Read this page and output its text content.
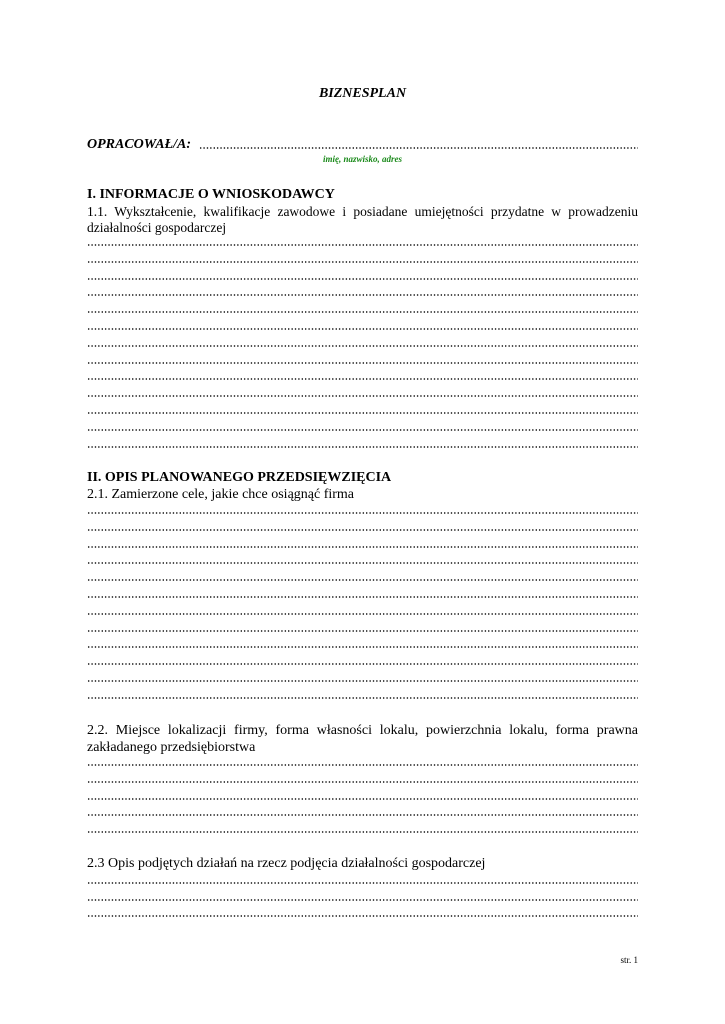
BIZNESPLAN
OPRACOWAŁ/A:
imię, nazwisko, adres
I. INFORMACJE O WNIOSKODAWCY
1.1. Wykształcenie, kwalifikacje zawodowe i posiadane umiejętności przydatne w prowadzeniu działalności gospodarczej
II. OPIS PLANOWANEGO PRZEDSIĘWZIĘCIA
2.1. Zamierzone cele, jakie chce osiągnąć firma
2.2. Miejsce lokalizacji firmy, forma własności lokalu, powierzchnia lokalu, forma prawna zakładanego przedsiębiorstwa
2.3 Opis podjętych działań na rzecz podjęcia działalności gospodarczej
str. 1
